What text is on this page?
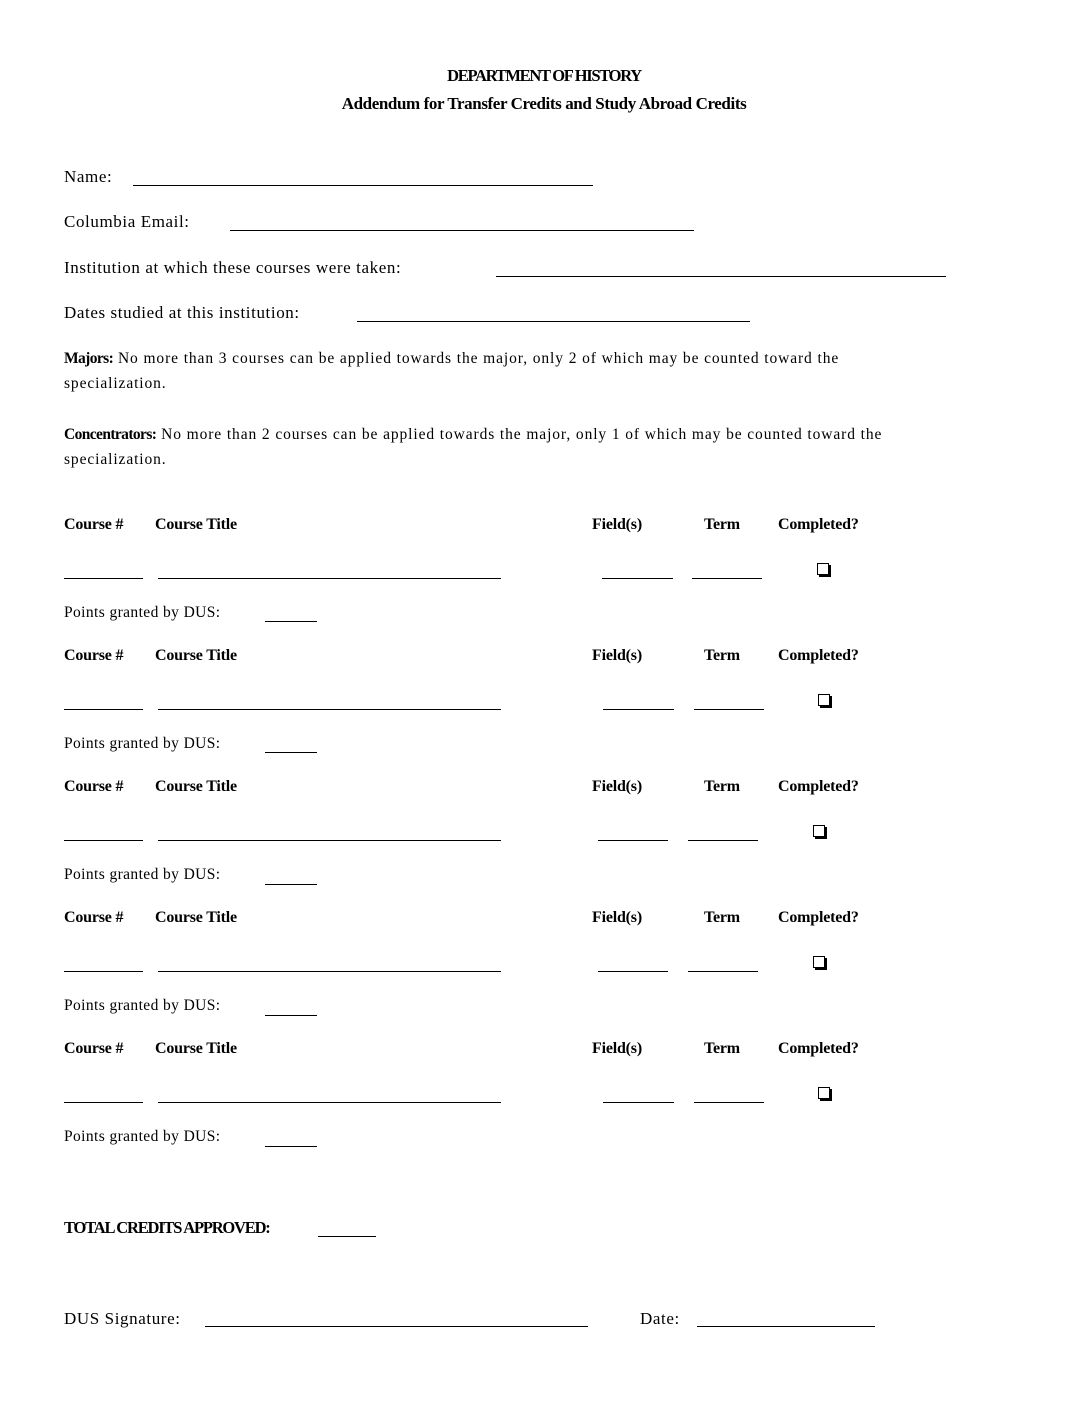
DEPARTMENT OF HISTORY
Addendum for Transfer Credits and Study Abroad Credits
Name:
Columbia Email:
Institution at which these courses were taken:
Dates studied at this institution:
Majors: No more than 3 courses can be applied towards the major, only 2 of which may be counted toward the specialization.
Concentrators: No more than 2 courses can be applied towards the major, only 1 of which may be counted toward the specialization.
Course # Course Title	Field(s)	Term Completed?
Points granted by DUS:
Course # Course Title	Field(s)	Term Completed?
Points granted by DUS:
Course # Course Title	Field(s)	Term Completed?
Points granted by DUS:
Course # Course Title	Field(s)	Term Completed?
Points granted by DUS:
Course # Course Title	Field(s)	Term Completed?
Points granted by DUS:
TOTAL CREDITS APPROVED:
DUS Signature:	Date:
